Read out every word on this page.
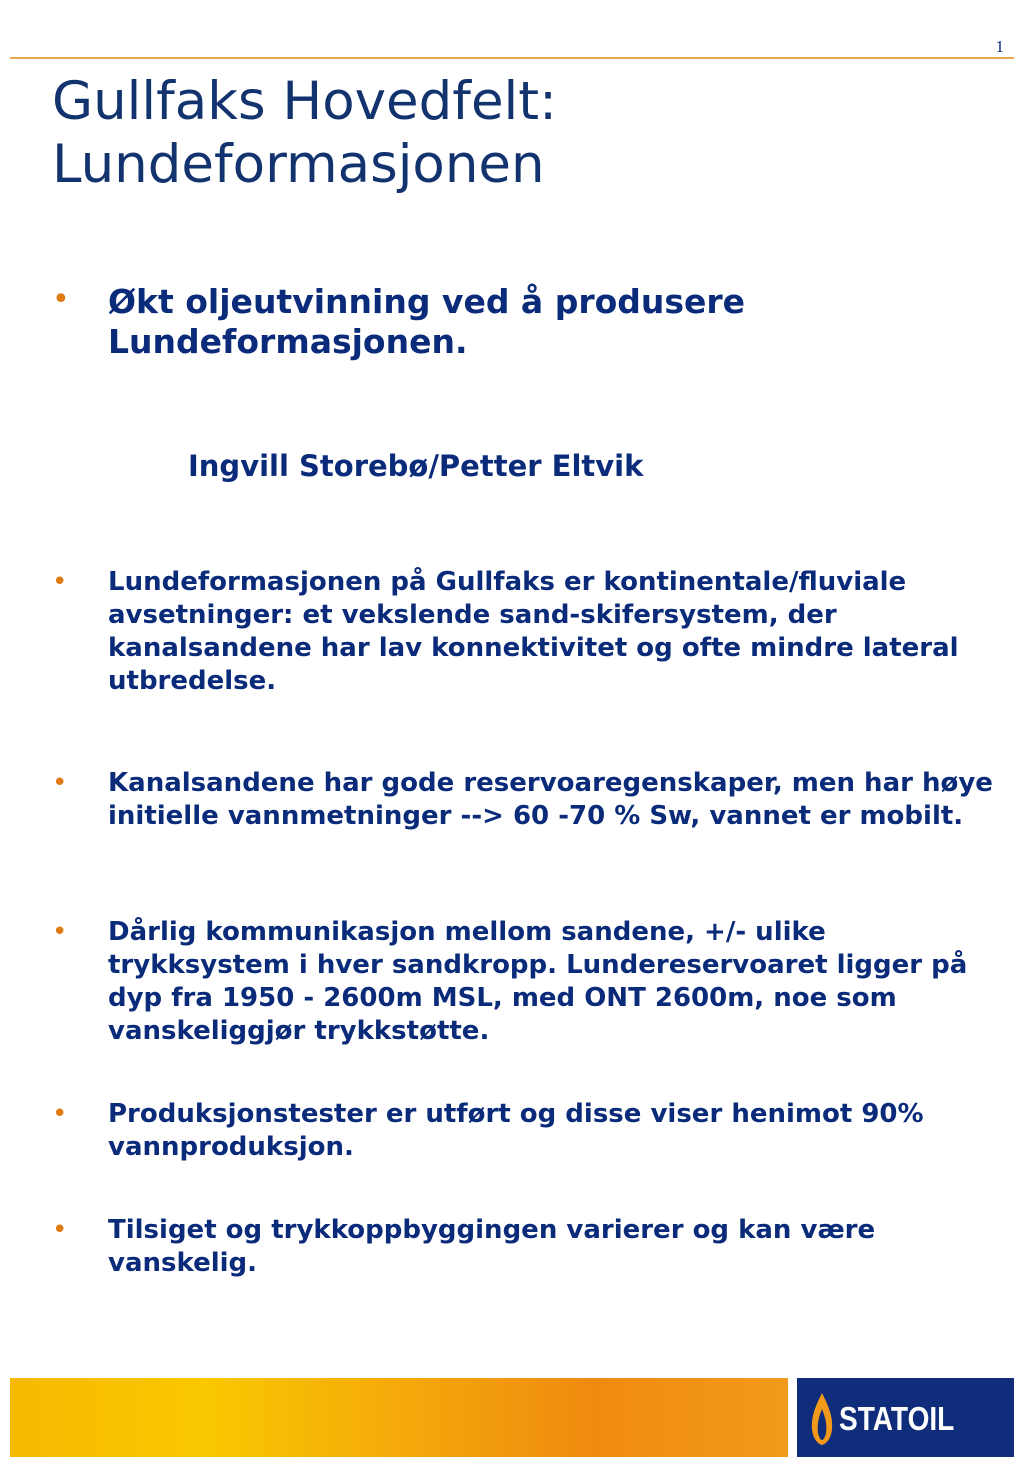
1
Gullfaks Hovedfelt:
Lundeformasjonen
•	Økt oljeutvinning ved å produsere Lundeformasjonen.
Ingvill Storebø/Petter Eltvik
•	Lundeformasjonen på Gullfaks er kontinentale/fluviale avsetninger: et vekslende sand-skifersystem, der kanalsandene har lav konnektivitet og ofte mindre lateral utbredelse.
•	Kanalsandene har gode reservoaregenskaper, men har høye initielle vannmetninger --> 60 -70 % Sw, vannet er mobilt.
•	Dårlig kommunikasjon mellom sandene, +/- ulike trykksystem i hver sandkropp. Lundereservoaret ligger på dyp fra 1950 - 2600m MSL, med ONT 2600m, noe som vanskeliggjør trykkstøtte.
•	Produksjonstester er utført og disse viser henimot 90% vannproduksjon.
•	Tilsiget og trykkoppbyggingen varierer og kan være vanskelig.
STATOIL
